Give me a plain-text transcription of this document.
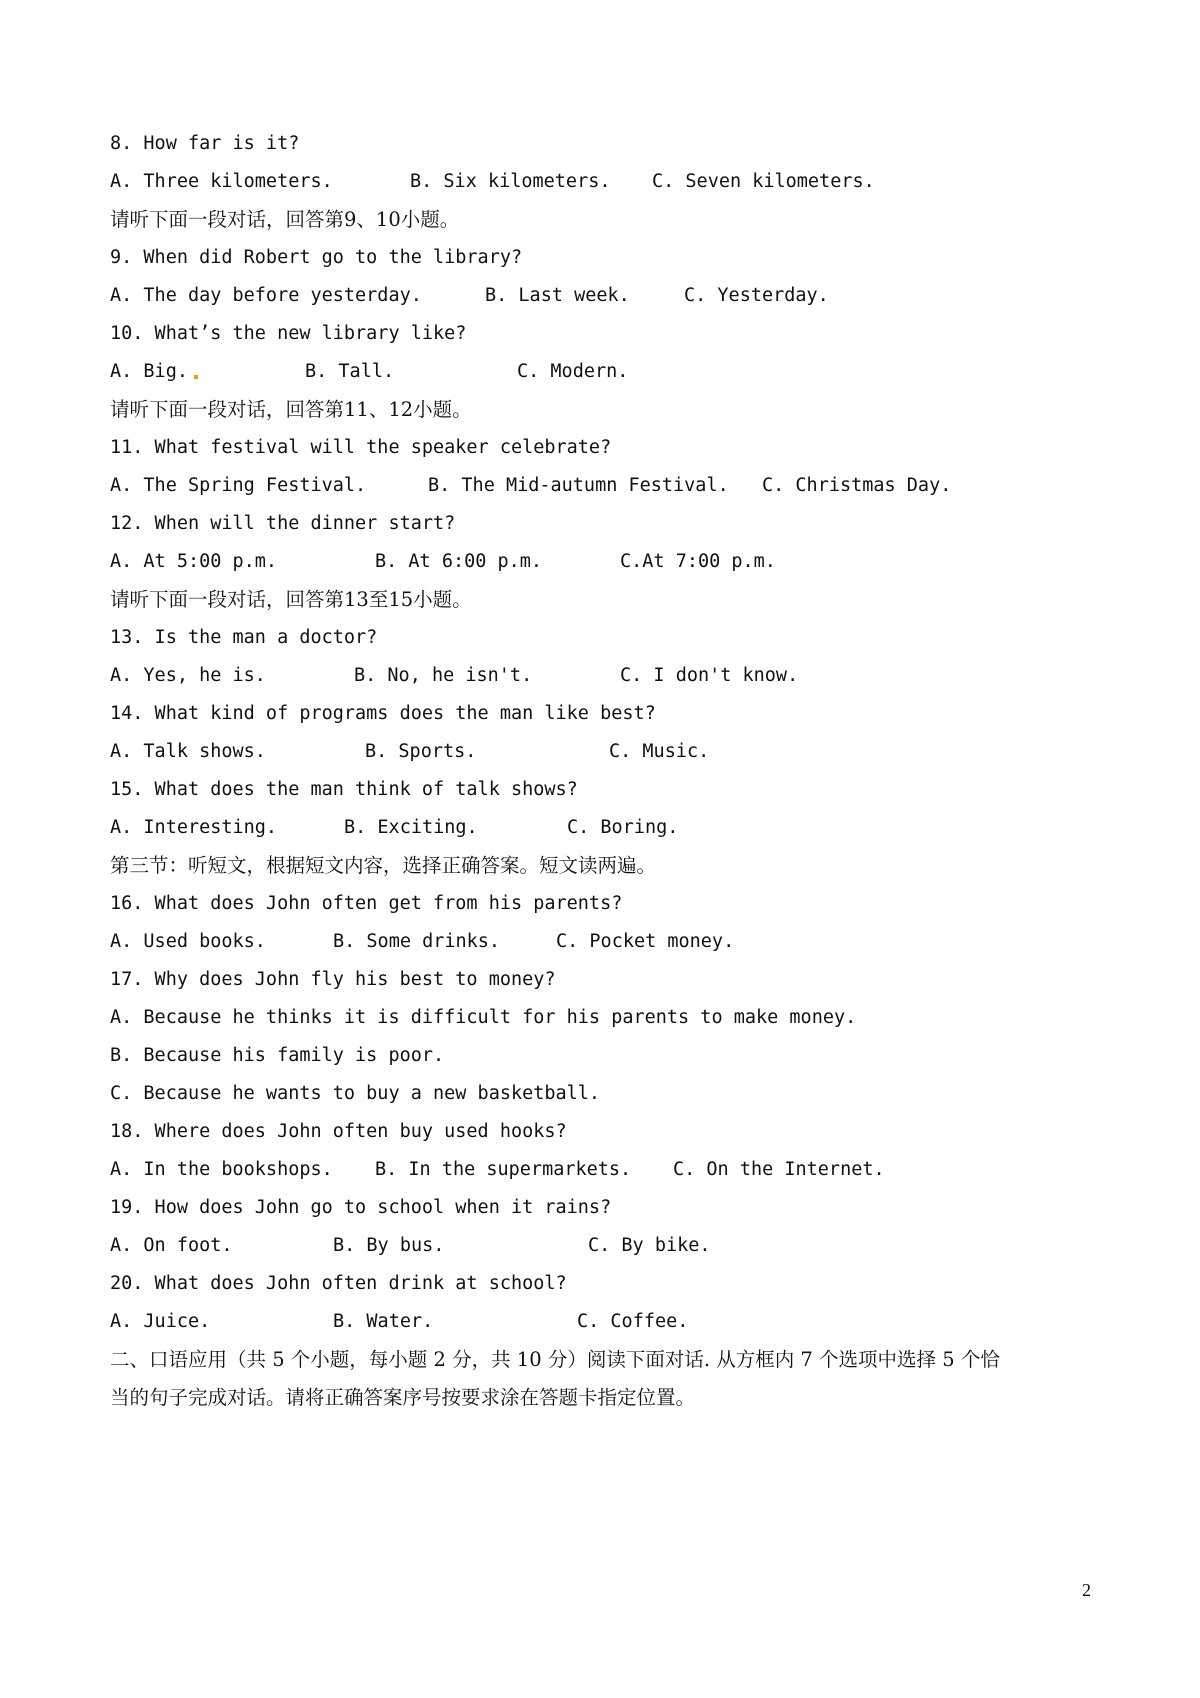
8. How far is it?

A. Three kilometers.

	B. Six kilometers.

C. Seven kilometers.

请听下面一段对话，回答第9、10小题。
9. When did Robert go to the library?

A. The day before yesterday.

	B. Last week.

	C. Yesterday.

10. What’s the new library like?

A. Big.

	B. Tall.

	C. Modern.

请听下面一段对话，回答第11、12小题。
11. What festival will the speaker celebrate?

A. The Spring Festival.

	B. The Mid-autumn Festival.

C. Christmas Day.

12. When will the dinner start?

A. At 5:00 p.m.

	B. At 6:00 p.m.

	C.At 7:00 p.m.

请听下面一段对话，回答第13至15小题。
13. Is the man a doctor?

A. Yes, he is.

	B. No, he isn't.

	C. I don't know.

14. What kind of programs does the man like best?

A. Talk shows.

	B. Sports.

	C. Music.

15. What does the man think of talk shows?

A. Interesting.

	B. Exciting.

	C. Boring.

第三节：听短文，根据短文内容，选择正确答案。短文读两遍。
16. What does John often get from his parents?

A. Used books.

	B. Some drinks.

	C. Pocket money.

17. Why does John fly his best to money?
A. Because he thinks it is difficult for his parents to make money.
B. Because his family is poor.
C. Because he wants to buy a new basketball.
18. Where does John often buy used hooks?

A. In the bookshops.

B. In the supermarkets.

C. On the Internet.

19. How does John go to school when it rains?

A. On foot.

	B. By bus.

	C. By bike.

20. What does John often drink at school?

A. Juice.

	B. Water.

	C. Coffee.

二、口语应用（共 5 个小题，每小题 2 分，共 10 分）阅读下面对话. 从方框内 7 个选项中选择 5 个恰
当的句子完成对话。请将正确答案序号按要求涂在答题卡指定位置。
2
